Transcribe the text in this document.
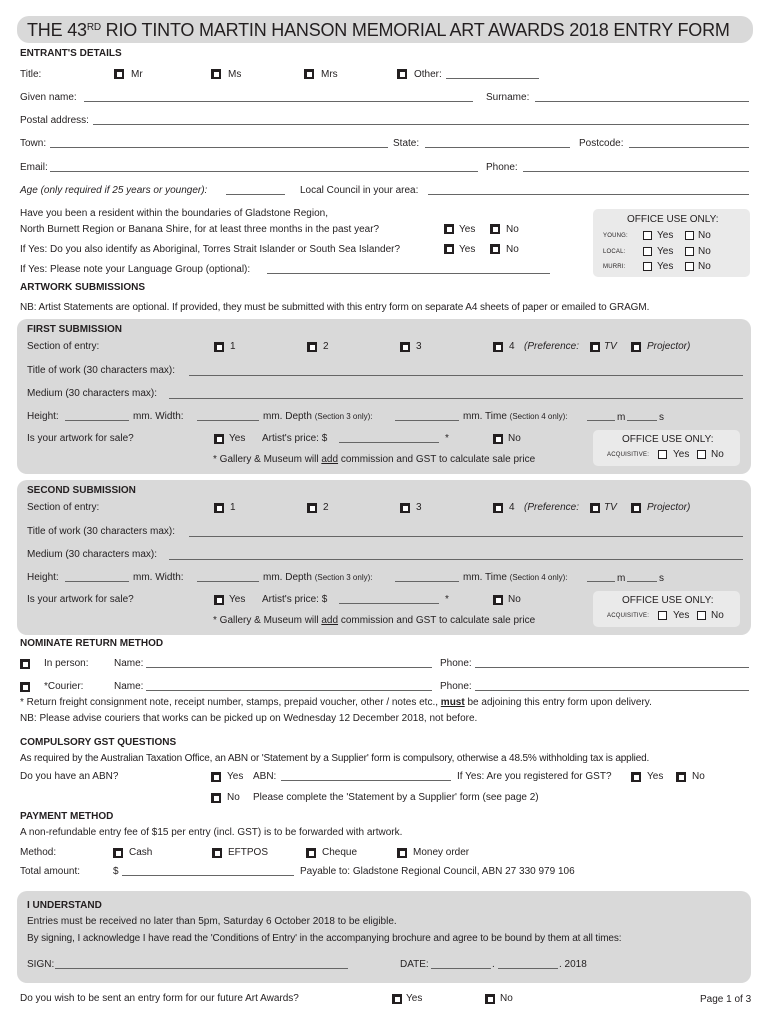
THE 43RD RIO TINTO MARTIN HANSON MEMORIAL ART AWARDS 2018 ENTRY FORM
ENTRANT'S DETAILS
Title:	Mr	Ms	Mrs	Other:
Given name:	Surname:
Postal address:
Town:	State:	Postcode:
Email:	Phone:
Age (only required if 25 years or younger):	Local Council in your area:
Have you been a resident within the boundaries of Gladstone Region,
North Burnett Region or Banana Shire, for at least three months in the past year?	Yes	No
If Yes: Do you also identify as Aboriginal, Torres Strait Islander or South Sea Islander?	Yes	No
If Yes: Please note your Language Group (optional):
OFFICE USE ONLY:
YOUNG:	Yes No
LOCAL:	Yes No
MURRI:	Yes No
ARTWORK SUBMISSIONS
NB: Artist Statements are optional. If provided, they must be submitted with this entry form on separate A4 sheets of paper or emailed to GRAGM.
FIRST SUBMISSION
Section of entry:	1	2	3	4 (Preference: TV	Projector)
Title of work (30 characters max):
Medium (30 characters max):
Height:	mm. Width:	mm. Depth (Section 3 only):	mm. Time (Section 4 only):	m	s
Is your artwork for sale?	Yes Artist's price: $	*	No
* Gallery & Museum will add commission and GST to calculate sale price
OFFICE USE ONLY:
ACQUISITIVE: Yes No
SECOND SUBMISSION
Section of entry:	1	2	3	4 (Preference: TV	Projector)
Title of work (30 characters max):
Medium (30 characters max):
Height:	mm. Width:	mm. Depth (Section 3 only):	mm. Time (Section 4 only):	m	s
Is your artwork for sale?	Yes Artist's price: $	*	No
* Gallery & Museum will add commission and GST to calculate sale price
OFFICE USE ONLY:
ACQUISITIVE: Yes No
NOMINATE RETURN METHOD
In person:	Name:	Phone:
*Courier:	Name:	Phone:
* Return freight consignment note, receipt number, stamps, prepaid voucher, other / notes etc., must be adjoining this entry form upon delivery.
NB: Please advise couriers that works can be picked up on Wednesday 12 December 2018, not before.
COMPULSORY GST QUESTIONS
As required by the Australian Taxation Office, an ABN or 'Statement by a Supplier' form is compulsory, otherwise a 48.5% withholding tax is applied.
Do you have an ABN?	Yes ABN:	If Yes: Are you registered for GST?	Yes	No
No Please complete the 'Statement by a Supplier' form (see page 2)
PAYMENT METHOD
A non-refundable entry fee of $15 per entry (incl. GST) is to be forwarded with artwork.
Method:	Cash	EFTPOS	Cheque	Money order
Total amount:	$	Payable to: Gladstone Regional Council, ABN 27 330 979 106
I UNDERSTAND
Entries must be received no later than 5pm, Saturday 6 October 2018 to be eligible.
By signing, I acknowledge I have read the 'Conditions of Entry' in the accompanying brochure and agree to be bound by them at all times:
SIGN:	DATE:	.	. 2018
Do you wish to be sent an entry form for our future Art Awards?	Yes	No	Page 1 of 3
